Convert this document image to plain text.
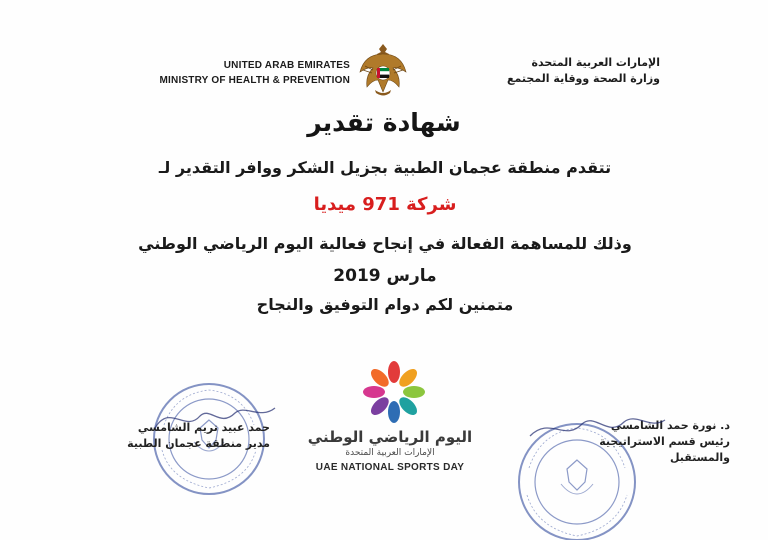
UNITED ARAB EMIRATES
MINISTRY OF HEALTH & PREVENTION
الإمارات العربية المتحدة
وزارة الصحة ووقاية المجتمع
شهادة تقدير
تتقدم منطقة عجمان الطبية بجزيل الشكر ووافر التقدير لـ
شركة 971 ميديا
وذلك للمساهمة الفعالة في إنجاح فعالية اليوم الرياضي الوطني
مارس 2019
متمنين لكم دوام التوفيق والنجاح
حمد عبيد تريم الشامسي
مدير منطقة عجمان الطبية	اليوم الرياضي الوطني
الإمارات العربية المتحدة
UAE NATIONAL SPORTS DAY
د. نورة حمد الشامسي
رئيس قسم الاستراتيجية والمستقبل
